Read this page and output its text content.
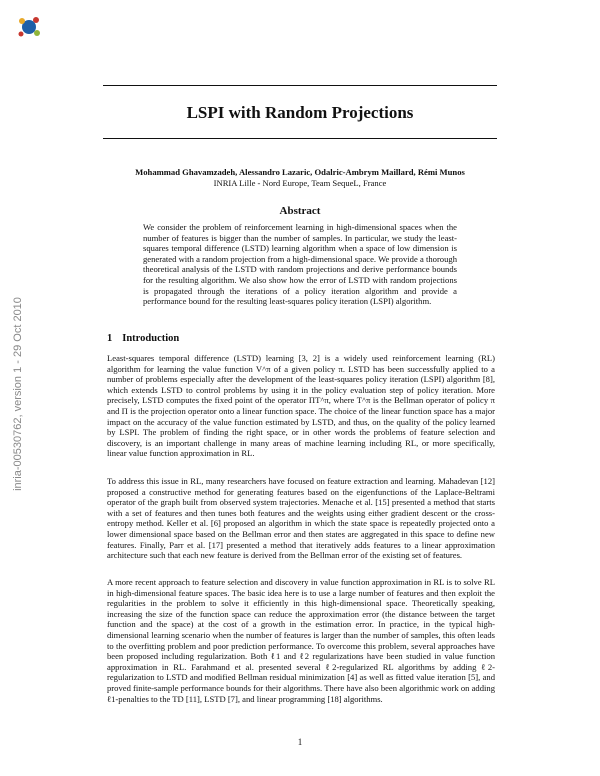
inria-00530762, version 1 - 29 Oct 2010
LSPI with Random Projections
Mohammad Ghavamzadeh, Alessandro Lazaric, Odalric-Ambrym Maillard, Rémi Munos
INRIA Lille - Nord Europe, Team SequeL, France
Abstract
We consider the problem of reinforcement learning in high-dimensional spaces when the number of features is bigger than the number of samples. In particular, we study the least-squares temporal difference (LSTD) learning algorithm when a space of low dimension is generated with a random projection from a high-dimensional space. We provide a thorough theoretical analysis of the LSTD with random projections and derive performance bounds for the resulting algorithm. We also show how the error of LSTD with random projections is propagated through the iterations of a policy iteration algorithm and provide a performance bound for the resulting least-squares policy iteration (LSPI) algorithm.
1 Introduction
Least-squares temporal difference (LSTD) learning [3, 2] is a widely used reinforcement learning (RL) algorithm for learning the value function V^π of a given policy π. LSTD has been successfully applied to a number of problems especially after the development of the least-squares policy iteration (LSPI) algorithm [8], which extends LSTD to control problems by using it in the policy evaluation step of policy iteration. More precisely, LSTD computes the fixed point of the operator ΠT^π, where T^π is the Bellman operator of policy π and Π is the projection operator onto a linear function space. The choice of the linear function space has a major impact on the accuracy of the value function estimated by LSTD, and thus, on the quality of the policy learned by LSPI. The problem of finding the right space, or in other words the problems of feature selection and discovery, is an important challenge in many areas of machine learning including RL, or more specifically, linear value function approximation in RL.
To address this issue in RL, many researchers have focused on feature extraction and learning. Mahadevan [12] proposed a constructive method for generating features based on the eigenfunctions of the Laplace-Beltrami operator of the graph built from observed system trajectories. Menache et al. [15] presented a method that starts with a set of features and then tunes both features and the weights using either gradient descent or the cross-entropy method. Keller et al. [6] proposed an algorithm in which the state space is repeatedly projected onto a lower dimensional space based on the Bellman error and then states are aggregated in this space to define new features. Finally, Parr et al. [17] presented a method that iteratively adds features to a linear approximation architecture such that each new feature is derived from the Bellman error of the existing set of features.
A more recent approach to feature selection and discovery in value function approximation in RL is to solve RL in high-dimensional feature spaces. The basic idea here is to use a large number of features and then exploit the regularities in the problem to solve it efficiently in this high-dimensional space. Theoretically speaking, increasing the size of the function space can reduce the approximation error (the distance between the target function and the space) at the cost of a growth in the estimation error. In practice, in the typical high-dimensional learning scenario when the number of features is larger than the number of samples, this often leads to the overfitting problem and poor prediction performance. To overcome this problem, several approaches have been proposed including regularization. Both ℓ1 and ℓ2 regularizations have been studied in value function approximation in RL. Farahmand et al. presented several ℓ2-regularized RL algorithms by adding ℓ2-regularization to LSTD and modified Bellman residual minimization [4] as well as fitted value iteration [5], and proved finite-sample performance bounds for their algorithms. There have also been algorithmic work on adding ℓ1-penalties to the TD [11], LSTD [7], and linear programming [18] algorithms.
1
